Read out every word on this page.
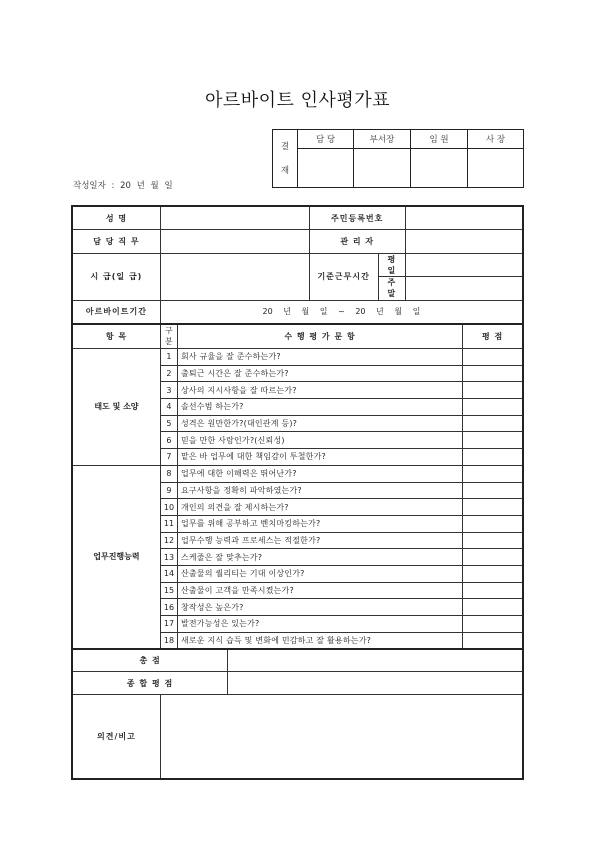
아르바이트 인사평가표
결
재	담 당	부서장	임 원	사 장

작성일자 : 20 년 월 일
성 명				주민등록번호			
담 당 직 무				관 리 자			
시 급(일 급)				기준근무시간	평 일		
					주 말		
아르바이트기간	20 년 월 일 ~ 20 년 월 일						
항 목	구 분	수 행 평 가 문 항					평 점
태도 및 소양	1	회사 규율을 잘 준수하는가?					
	2	출퇴근 시간은 잘 준수하는가?					
	3	상사의 지시사항을 잘 따르는가?					
	4	솔선수범 하는가?					
	5	성격은 원만한가?(대인관계 등)?					
	6	믿을 만한 사람인가?(신뢰성)					
	7	맡은 바 업무에 대한 책임감이 투철한가?					
업무진행능력	8	업무에 대한 이해력은 뛰어난가?					
	9	요구사항을 정확히 파악하였는가?					
	10	개인의 의견을 잘 제시하는가?					
	11	업무를 위해 공부하고 벤치마킹하는가?					
	12	업무수행 능력과 프로세스는 적절한가?					
	13	스케줄은 잘 맞추는가?					
	14	산출물의 퀄리티는 기대 이상인가?					
	15	산출물이 고객을 만족시켰는가?					
	16	창작성은 높은가?					
	17	발전가능성은 있는가?					
	18	새로운 지식 습득 및 변화에 민감하고 잘 활용하는가?					
총 점							
종 합 평 점							
의견/비고							
